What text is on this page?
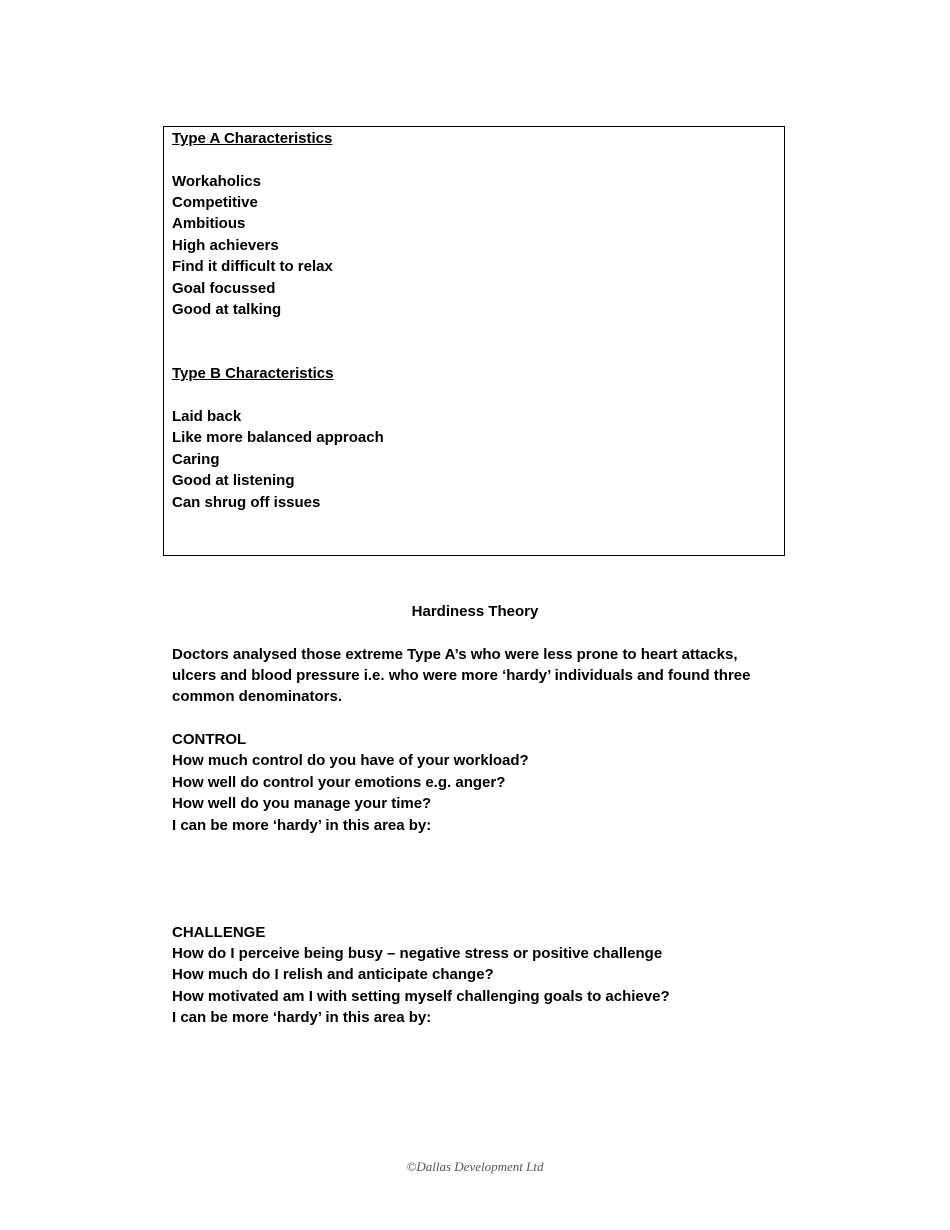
Type A Characteristics
Workaholics
Competitive
Ambitious
High achievers
Find it difficult to relax
Goal focussed
Good at talking
Type B Characteristics
Laid back
Like more balanced approach
Caring
Good at listening
Can shrug off issues
Hardiness Theory
Doctors analysed those extreme Type A’s who were less prone to heart attacks,
ulcers and blood pressure i.e. who were more ‘hardy’ individuals and found three
common denominators.
CONTROL
How much control do you have of your workload?
How well do control your emotions e.g. anger?
How well do you manage your time?
I can be more ‘hardy’ in this area by:
CHALLENGE
How do I perceive being busy – negative stress or positive challenge
How much do I relish and anticipate change?
How motivated am I with setting myself challenging goals to achieve?
I can be more ‘hardy’ in this area by:
©Dallas Development Ltd
